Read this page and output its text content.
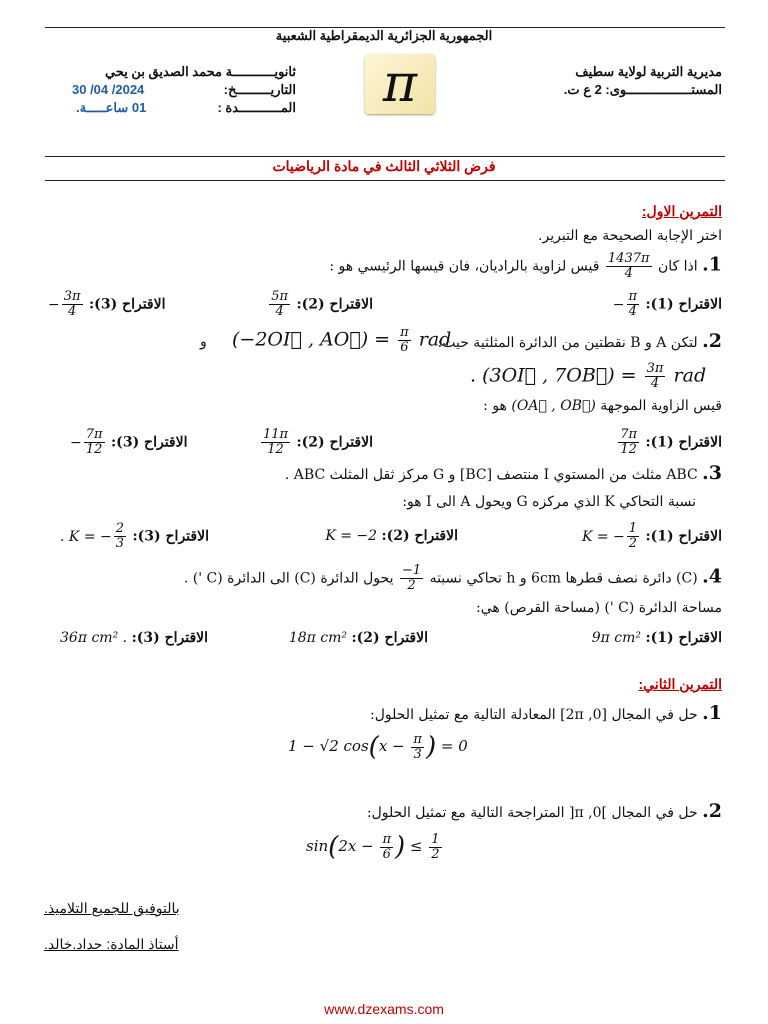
الجمهورية الجزائرية الديمقراطية الشعبية
مديرية التربية لولاية سطيف
المستـــــــــــــــــوى: 2 ع ت.
π
ثانويـــــــــــة محمد الصديق بن يحي
30 /04 /2024	التاريـــــــــخ:
01 ساعـــــة.	المـــــــــــدة :
فرض الثلاثي الثالث في مادة الرياضيات
التمرين الاول:
اختر الإجابة الصحيحة مع التبرير.
1. اذا كان
$\frac{1437\pi}{4}$
قيس لزاوية بالراديان، فان قيسها الرئيسي هو :
الاقتراح (1): − $\frac{\pi}{4}$
الاقتراح (2):
$\frac{5\pi}{4}$
الاقتراح (3): − $\frac{3\pi}{4}$
2. لتكن A و B نقطتين من الدائرة المثلثية حيث:
(−2OI⃗ , AO⃗) = $\frac{\pi}{6}$ rad
و
. (3OI⃗ , 7OB⃗) = $\frac{3\pi}{4}$ rad
قيس الزاوية الموجهة (OA⃗ , OB⃗) هو :
الاقتراح (1):
$\frac{7\pi}{12}$
الاقتراح (2):
$\frac{11\pi}{12}$
الاقتراح (3): − $\frac{7\pi}{12}$
3. ABC مثلث من المستوي I منتصف [BC] و G مركز ثقل المثلث ABC .
نسبة التحاكي K الذي مركزه G ويحول A الى I هو:
الاقتراح (1): K = − $\frac{1}{2}$
الاقتراح (2): K = −2
الاقتراح (3): . K = − $\frac{2}{3}$
4. (C) دائرة نصف قطرها 6cm و h تحاكي نسبته
$\frac{-1}{2}$
يحول الدائرة (C) الى الدائرة (C ') .
مساحة الدائرة (C ') (مساحة القرص) هي:
الاقتراح (1): 9π cm²
الاقتراح (2): 18π cm²
الاقتراح (3): 36π cm² .
التمرين الثاني:
1. حل في المجال [0, 2π] المعادلة التالية مع تمثيل الحلول:
1 − √2 $\cos(x - \frac{\pi}{3}$ ) = 0
2. حل في المجال ]0, π[ المتراجحة التالية مع تمثيل الحلول:
$\sin(2x - \frac{\pi}{6}$ ) ≤ $\frac{1}{2}$
بالتوفيق للجميع التلاميذ.
أستاذ المادة: حداد.خالد.
www.dzexams.com
